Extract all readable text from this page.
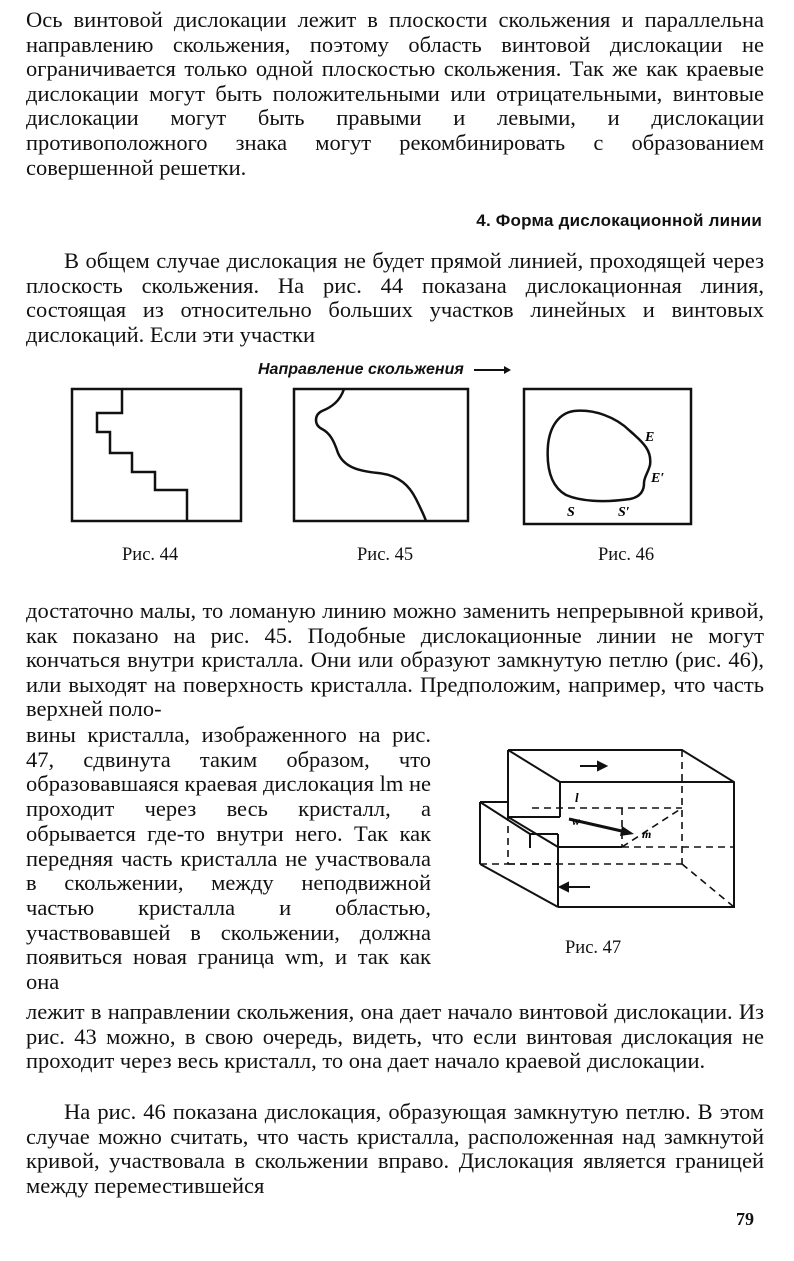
Ось винтовой дислокации лежит в плоскости скольжения и параллельна направлению скольжения, поэтому область винтовой дислокации не ограничивается только одной плоскостью скольжения. Так же как краевые дислокации могут быть положительными или отрицательными, винтовые дислокации могут быть правыми и левыми, и дислокации противоположного знака могут рекомбинировать с образованием совершенной решетки.

4. Форма дислокационной линии

В общем случае дислокация не будет прямой линией, проходящей через плоскость скольжения. На рис. 44 показана дислокационная линия, состоящая из относительно больших участков линейных и винтовых дислокаций. Если эти участки

Направление скольжения
Рис. 44	Рис. 45
E
E′
S	S′
Рис. 46

достаточно малы, то ломаную линию можно заменить непрерывной кривой, как показано на рис. 45. Подобные дислокационные линии не могут кончаться внутри кристалла. Они или образуют замкнутую петлю (рис. 46), или выходят на поверхность кристалла. Предположим, например, что часть верхней поло-

вины кристалла, изображенного на рис. 47, сдвинута таким образом, что образовавшаяся краевая дислокация lm не проходит через весь кристалл, а обрывается где-то внутри него. Так как передняя часть кристалла не участвовала в скольжении, между неподвижной частью кристалла и областью, участвовавшей в скольжении, должна появиться новая граница wm, и так как она

l
w
m
Рис. 47

лежит в направлении скольжения, она дает начало винтовой дислокации. Из рис. 43 можно, в свою очередь, видеть, что если винтовая дислокация не проходит через весь кристалл, то она дает начало краевой дислокации.

На рис. 46 показана дислокация, образующая замкнутую петлю. В этом случае можно считать, что часть кристалла, расположенная над замкнутой кривой, участвовала в скольжении вправо. Дислокация является границей между переместившейся

79
